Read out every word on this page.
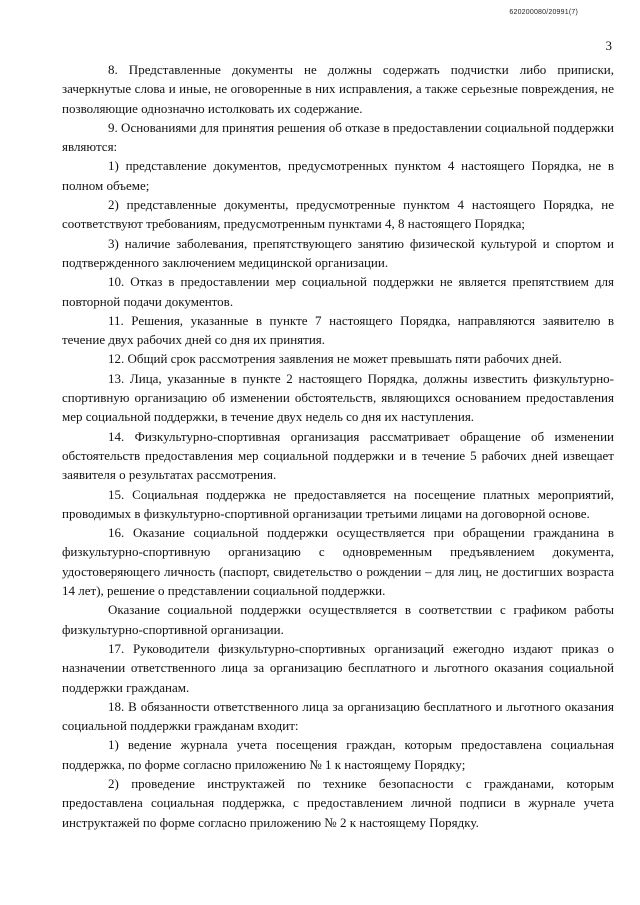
620200080/20991(7)
3

8. Представленные документы не должны содержать подчистки либо приписки, зачеркнутые слова и иные, не оговоренные в них исправления, а также серьезные повреждения, не позволяющие однозначно истолковать их содержание.

9. Основаниями для принятия решения об отказе в предоставлении социальной поддержки являются:

1) представление документов, предусмотренных пунктом 4 настоящего Порядка, не в полном объеме;

2) представленные документы, предусмотренные пунктом 4 настоящего Порядка, не соответствуют требованиям, предусмотренным пунктами 4, 8 настоящего Порядка;

3) наличие заболевания, препятствующего занятию физической культурой и спортом и подтвержденного заключением медицинской организации.

10. Отказ в предоставлении мер социальной поддержки не является препятствием для повторной подачи документов.

11. Решения, указанные в пункте 7 настоящего Порядка, направляются заявителю в течение двух рабочих дней со дня их принятия.

12. Общий срок рассмотрения заявления не может превышать пяти рабочих дней.

13. Лица, указанные в пункте 2 настоящего Порядка, должны известить физкультурно-спортивную организацию об изменении обстоятельств, являющихся основанием предоставления мер социальной поддержки, в течение двух недель со дня их наступления.

14. Физкультурно-спортивная организация рассматривает обращение об изменении обстоятельств предоставления мер социальной поддержки и в течение 5 рабочих дней извещает заявителя о результатах рассмотрения.

15. Социальная поддержка не предоставляется на посещение платных мероприятий, проводимых в физкультурно-спортивной организации третьими лицами на договорной основе.

16. Оказание социальной поддержки осуществляется при обращении гражданина в физкультурно-спортивную организацию с одновременным предъявлением документа, удостоверяющего личность (паспорт, свидетельство о рождении – для лиц, не достигших возраста 14 лет), решение о представлении социальной поддержки.

Оказание социальной поддержки осуществляется в соответствии с графиком работы физкультурно-спортивной организации.

17. Руководители физкультурно-спортивных организаций ежегодно издают приказ о назначении ответственного лица за организацию бесплатного и льготного оказания социальной поддержки гражданам.

18. В обязанности ответственного лица за организацию бесплатного и льготного оказания социальной поддержки гражданам входит:

1) ведение журнала учета посещения граждан, которым предоставлена социальная поддержка, по форме согласно приложению № 1 к настоящему Порядку;

2) проведение инструктажей по технике безопасности с гражданами, которым предоставлена социальная поддержка, с предоставлением личной подписи в журнале учета инструктажей по форме согласно приложению № 2 к настоящему Порядку.
